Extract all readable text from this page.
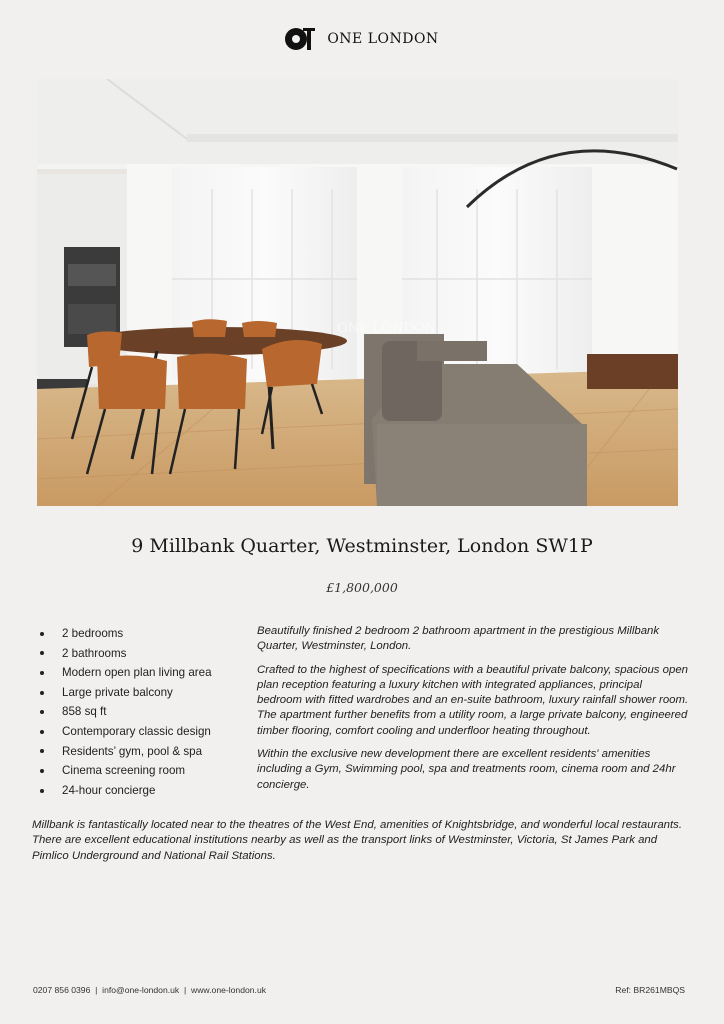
ONE LONDON
ONE LONDON
9 Millbank Quarter, Westminster, London SW1P
£1,800,000
2 bedrooms
2 bathrooms
Modern open plan living area
Large private balcony
858 sq ft
Contemporary classic design
Residents’ gym, pool & spa
Cinema screening room
24-hour concierge

Beautifully finished 2 bedroom 2 bathroom apartment in the prestigious Millbank Quarter, Westminster, London.

Crafted to the highest of specifications with a beautiful private balcony, spacious open plan reception featuring a luxury kitchen with integrated appliances, principal bedroom with fitted wardrobes and an en-suite bathroom, luxury rainfall shower room. The apartment further benefits from a utility room, a large private balcony, engineered timber flooring, comfort cooling and underfloor heating throughout.

Within the exclusive new development there are excellent residents' amenities including a Gym, Swimming pool, spa and treatments room, cinema room and 24hr concierge.

Millbank is fantastically located near to the theatres of the West End, amenities of Knightsbridge, and wonderful local restaurants. There are excellent educational institutions nearby as well as the transport links of Westminster, Victoria, St James Park and Pimlico Underground and National Rail Stations.

0207 856 0396 | info@one-london.uk | www.one-london.uk	Ref: BR261MBQS
